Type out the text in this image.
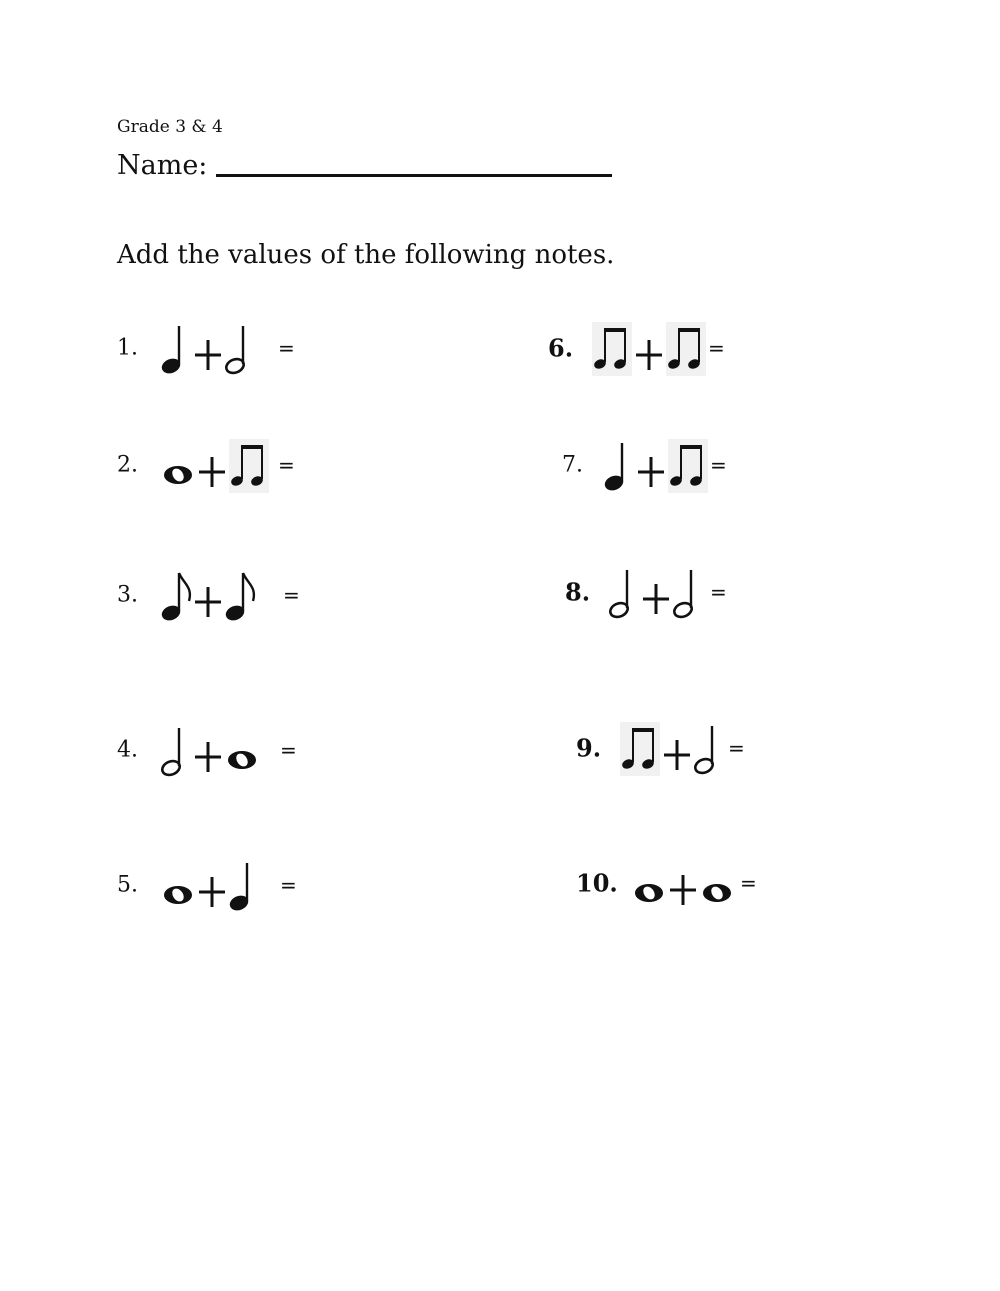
Grade 3 & 4
Name:
Add the values of the following notes.
1.	=
2.	=
3.	=
4.	=
5.	=
6.	=
7.	=
8.	=
9.	=
10.	=
